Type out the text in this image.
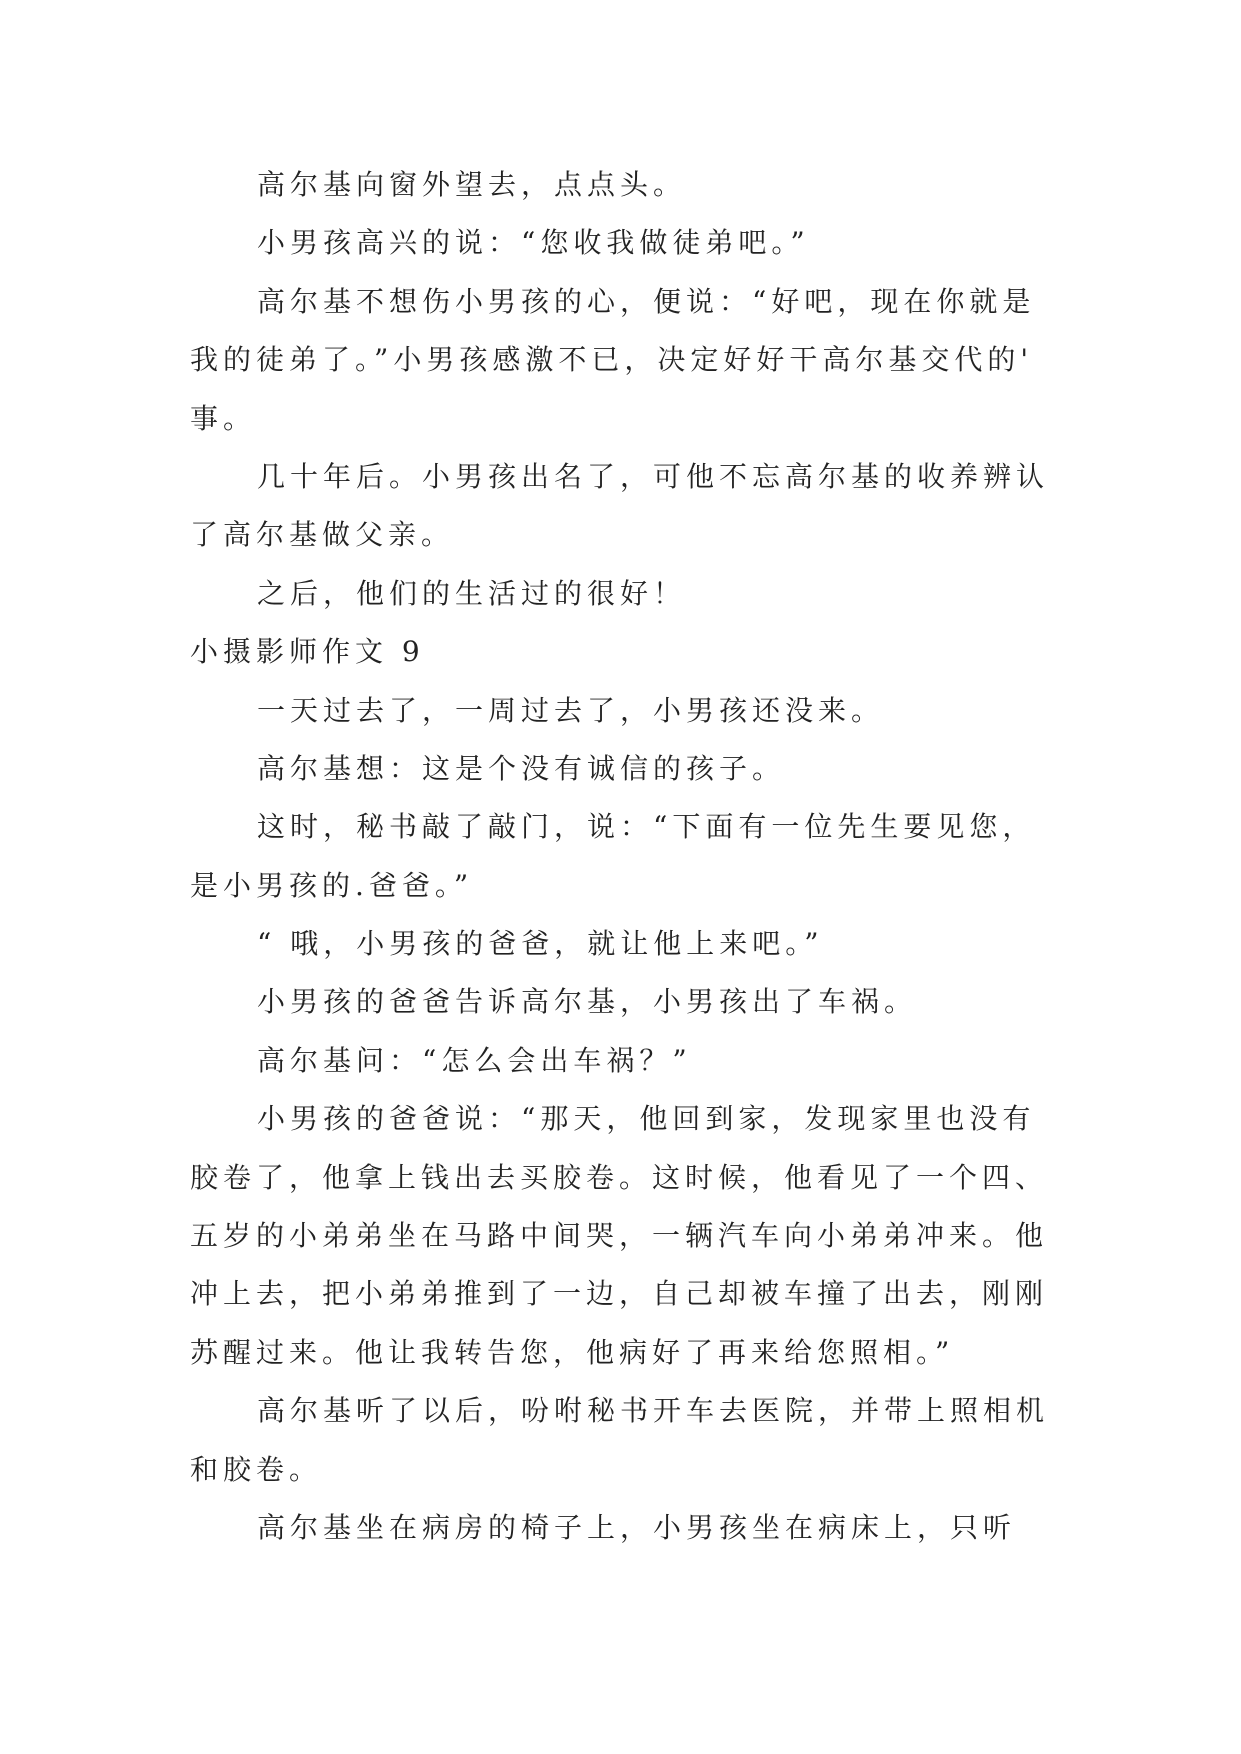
高尔基向窗外望去，点点头。
小男孩高兴的说：“您收我做徒弟吧。”
高尔基不想伤小男孩的心，便说：“好吧，现在你就是
我的徒弟了。”小男孩感激不已，决定好好干高尔基交代的'
事。
几十年后。小男孩出名了，可他不忘高尔基的收养辨认
了高尔基做父亲。
之后，他们的生活过的很好！
小摄影师作文 9
一天过去了，一周过去了，小男孩还没来。
高尔基想：这是个没有诚信的孩子。
这时，秘书敲了敲门，说：“下面有一位先生要见您，
是小男孩的.爸爸。”
“ 哦，小男孩的爸爸，就让他上来吧。”
小男孩的爸爸告诉高尔基，小男孩出了车祸。
高尔基问：“怎么会出车祸？”
小男孩的爸爸说：“那天，他回到家，发现家里也没有
胶卷了，他拿上钱出去买胶卷。这时候，他看见了一个四、
五岁的小弟弟坐在马路中间哭，一辆汽车向小弟弟冲来。他
冲上去，把小弟弟推到了一边，自己却被车撞了出去，刚刚
苏醒过来。他让我转告您，他病好了再来给您照相。”
高尔基听了以后，吩咐秘书开车去医院，并带上照相机
和胶卷。
高尔基坐在病房的椅子上，小男孩坐在病床上，只听
